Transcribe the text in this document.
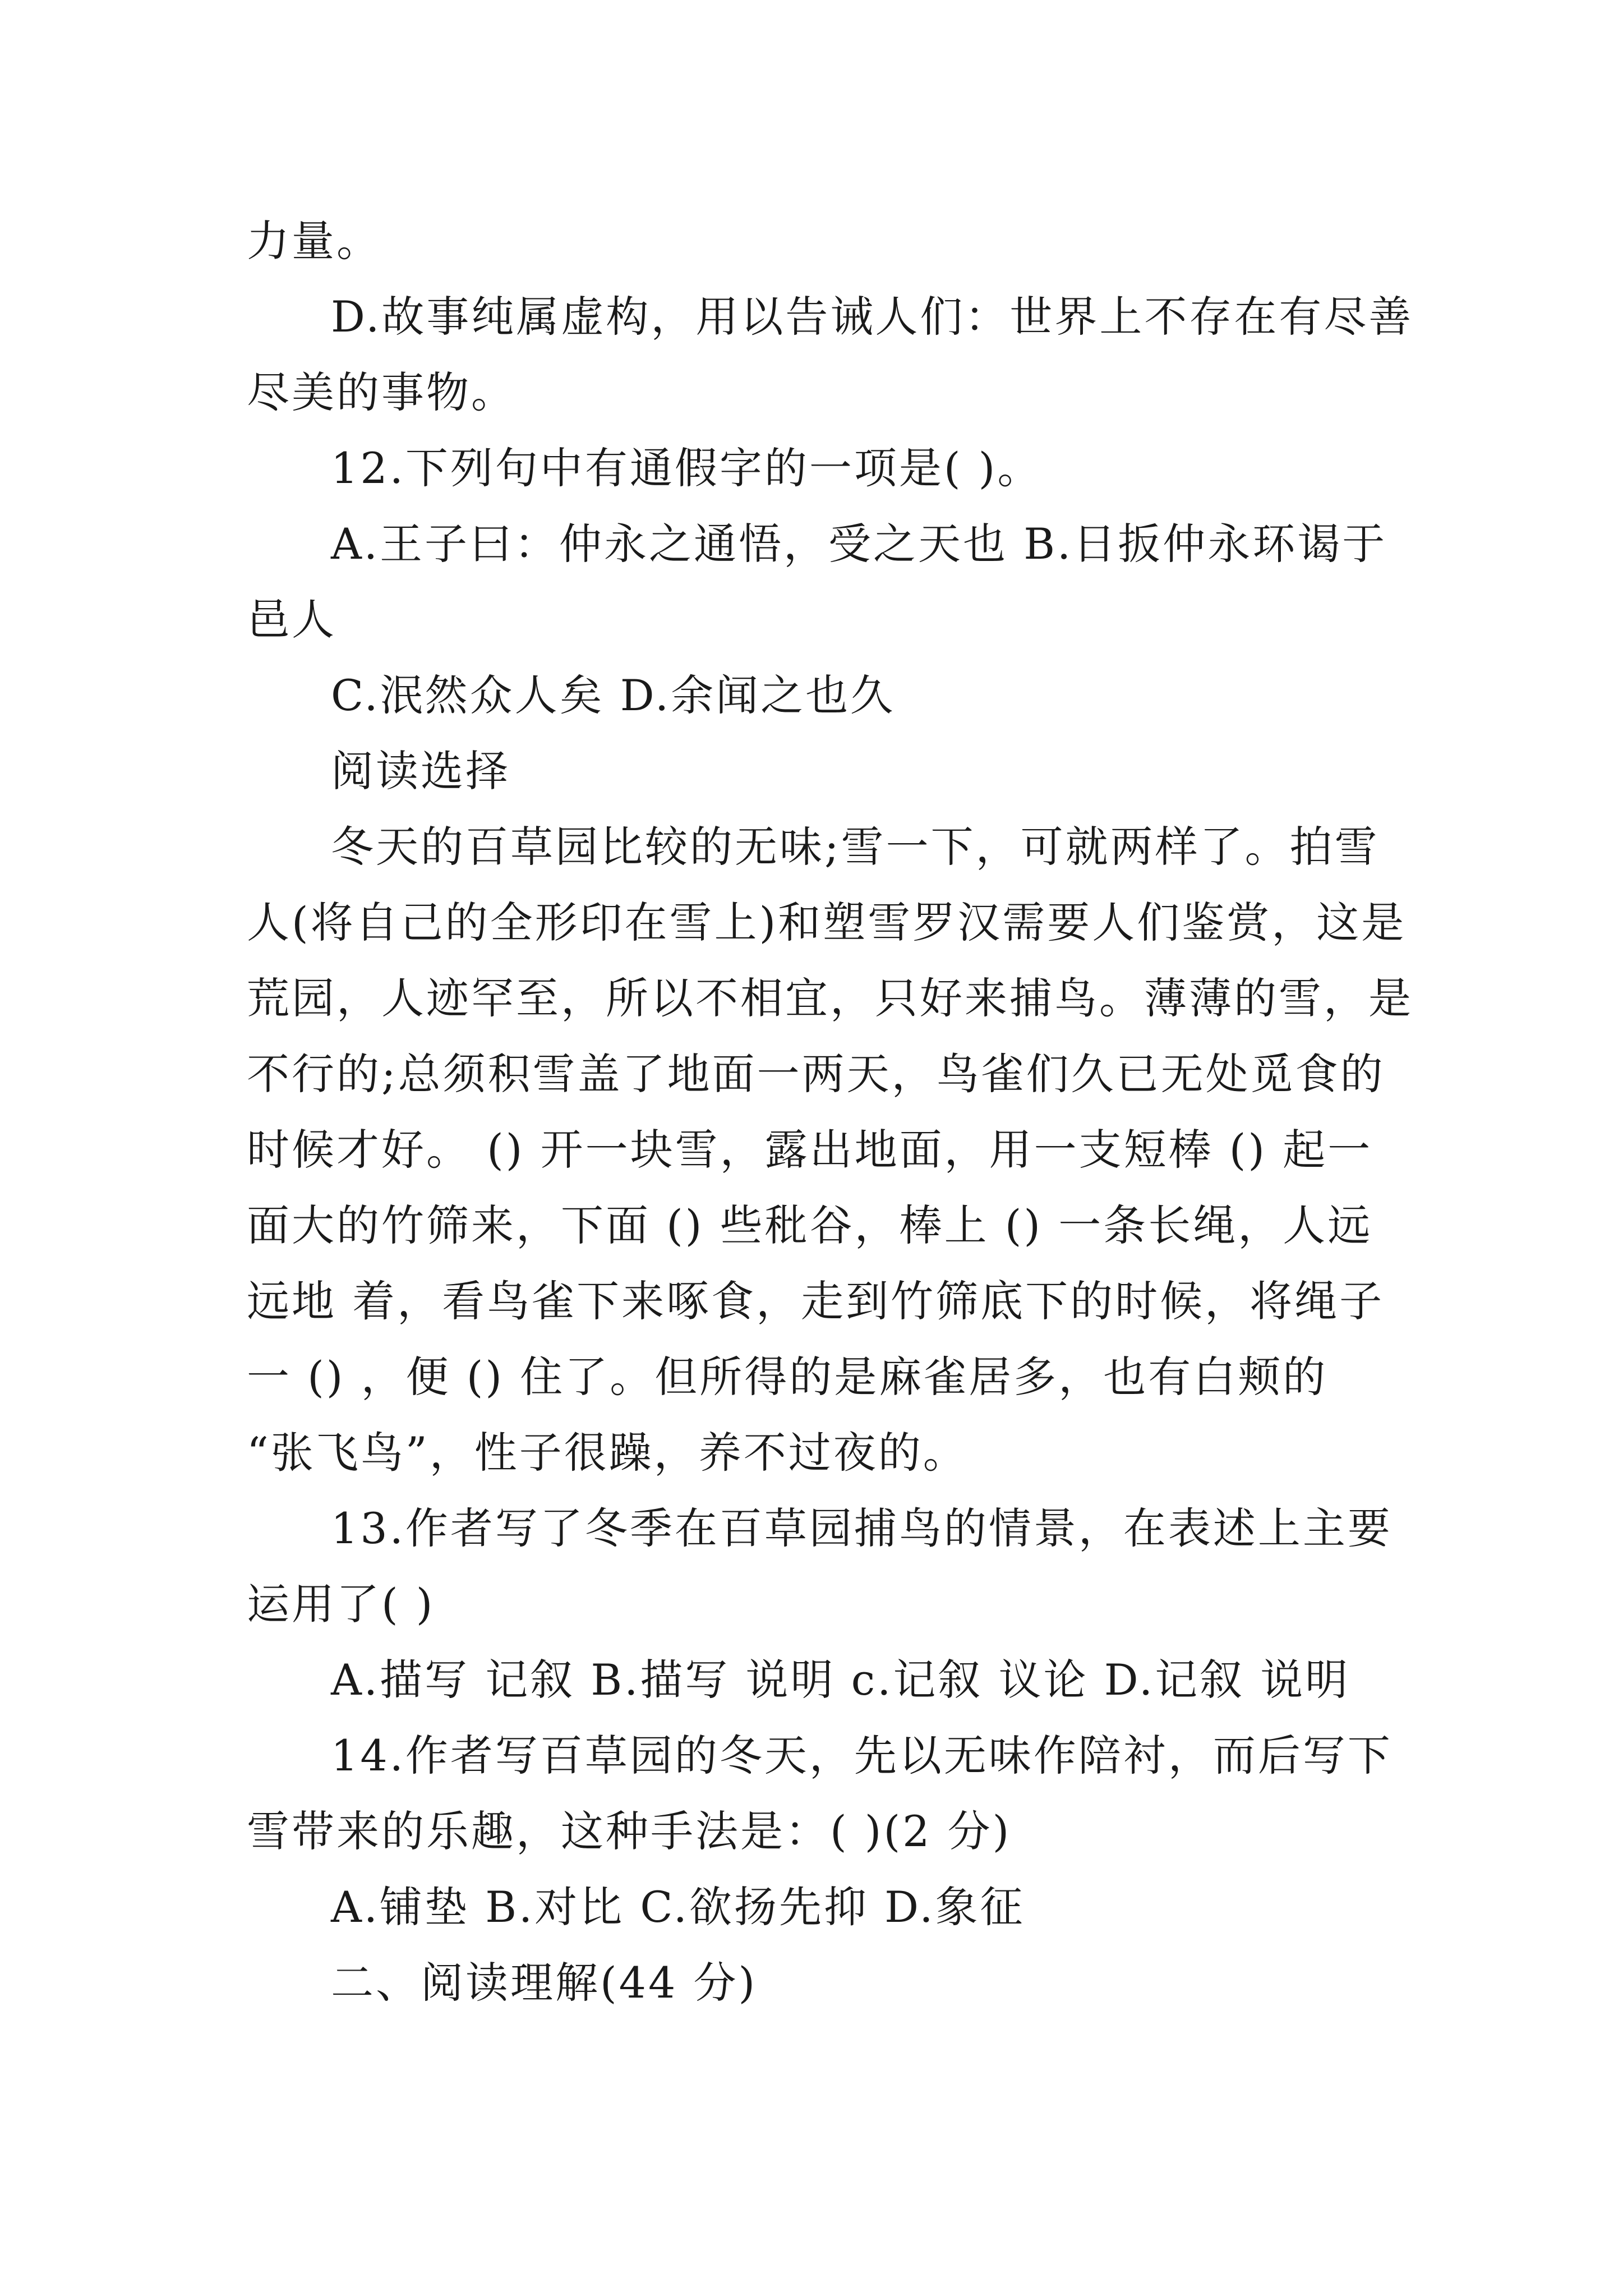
力量。
D.故事纯属虚构，用以告诫人们：世界上不存在有尽善
尽美的事物。
12.下列句中有通假字的一项是( )。
A.王子曰：仲永之通悟，受之天也 B.日扳仲永环谒于
邑人
C.泯然众人矣 D.余闻之也久
阅读选择
冬天的百草园比较的无味;雪一下，可就两样了。拍雪
人(将自己的全形印在雪上)和塑雪罗汉需要人们鉴赏，这是
荒园，人迹罕至，所以不相宜，只好来捕鸟。薄薄的雪，是
不行的;总须积雪盖了地面一两天，鸟雀们久已无处觅食的
时候才好。 () 开一块雪，露出地面，用一支短棒 () 起一
面大的竹筛来，下面 () 些秕谷，棒上 () 一条长绳，人远
远地 着，看鸟雀下来啄食，走到竹筛底下的时候，将绳子
一 () ，便 () 住了。但所得的是麻雀居多，也有白颊的
“张飞鸟”，性子很躁，养不过夜的。
13.作者写了冬季在百草园捕鸟的情景，在表述上主要
运用了( )
A.描写 记叙 B.描写 说明 c.记叙 议论 D.记叙 说明
14.作者写百草园的冬天，先以无味作陪衬，而后写下
雪带来的乐趣，这种手法是：( )(2 分)
A.铺垫 B.对比 C.欲扬先抑 D.象征
二、阅读理解(44 分)
